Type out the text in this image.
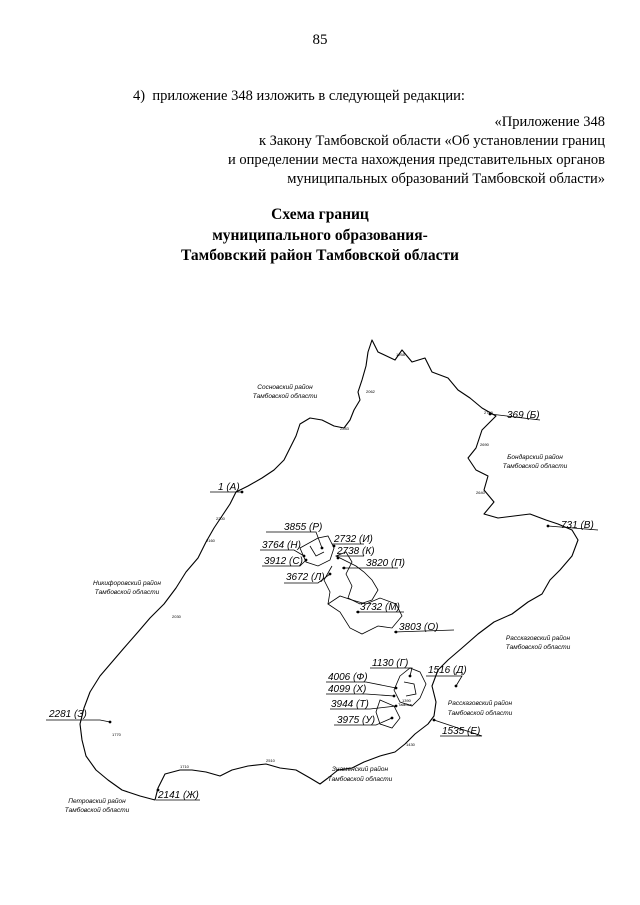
85
4) приложение 348 изложить в следующей редакции:
«Приложение 348
к Закону Тамбовской области «Об установлении границ
и определении места нахождения представительных органов
муниципальных образований Тамбовской области»
Схема границ
муниципального образования-
Тамбовский район Тамбовской области
1958
2062
2283
2759
2690
2640
2200
2160
2030
1770
1710
2510
1430
1390
Сосновский район
Тамбовской области
Бондарский район
Тамбовской области
Никифоровский район
Тамбовской области
Рассказовский район
Тамбовской области
Рассказовский район
Тамбовской области
Знаменский район
Тамбовской области
Петровский район
Тамбовской области
Тамбов
369 (Б)
1 (А)
731 (В)
3855 (Р)
2732 (И)
3764 (Н)
2738 (К)
3912 (С)	3820 (П)
3672 (Л)
3732 (М)
3803 (О)
1130 (Г)
1516 (Д)
4006 (Ф)
4099 (Х)
3944 (Т)
3975 (У)
1535 (Е)
2281 (З)
2141 (Ж)
